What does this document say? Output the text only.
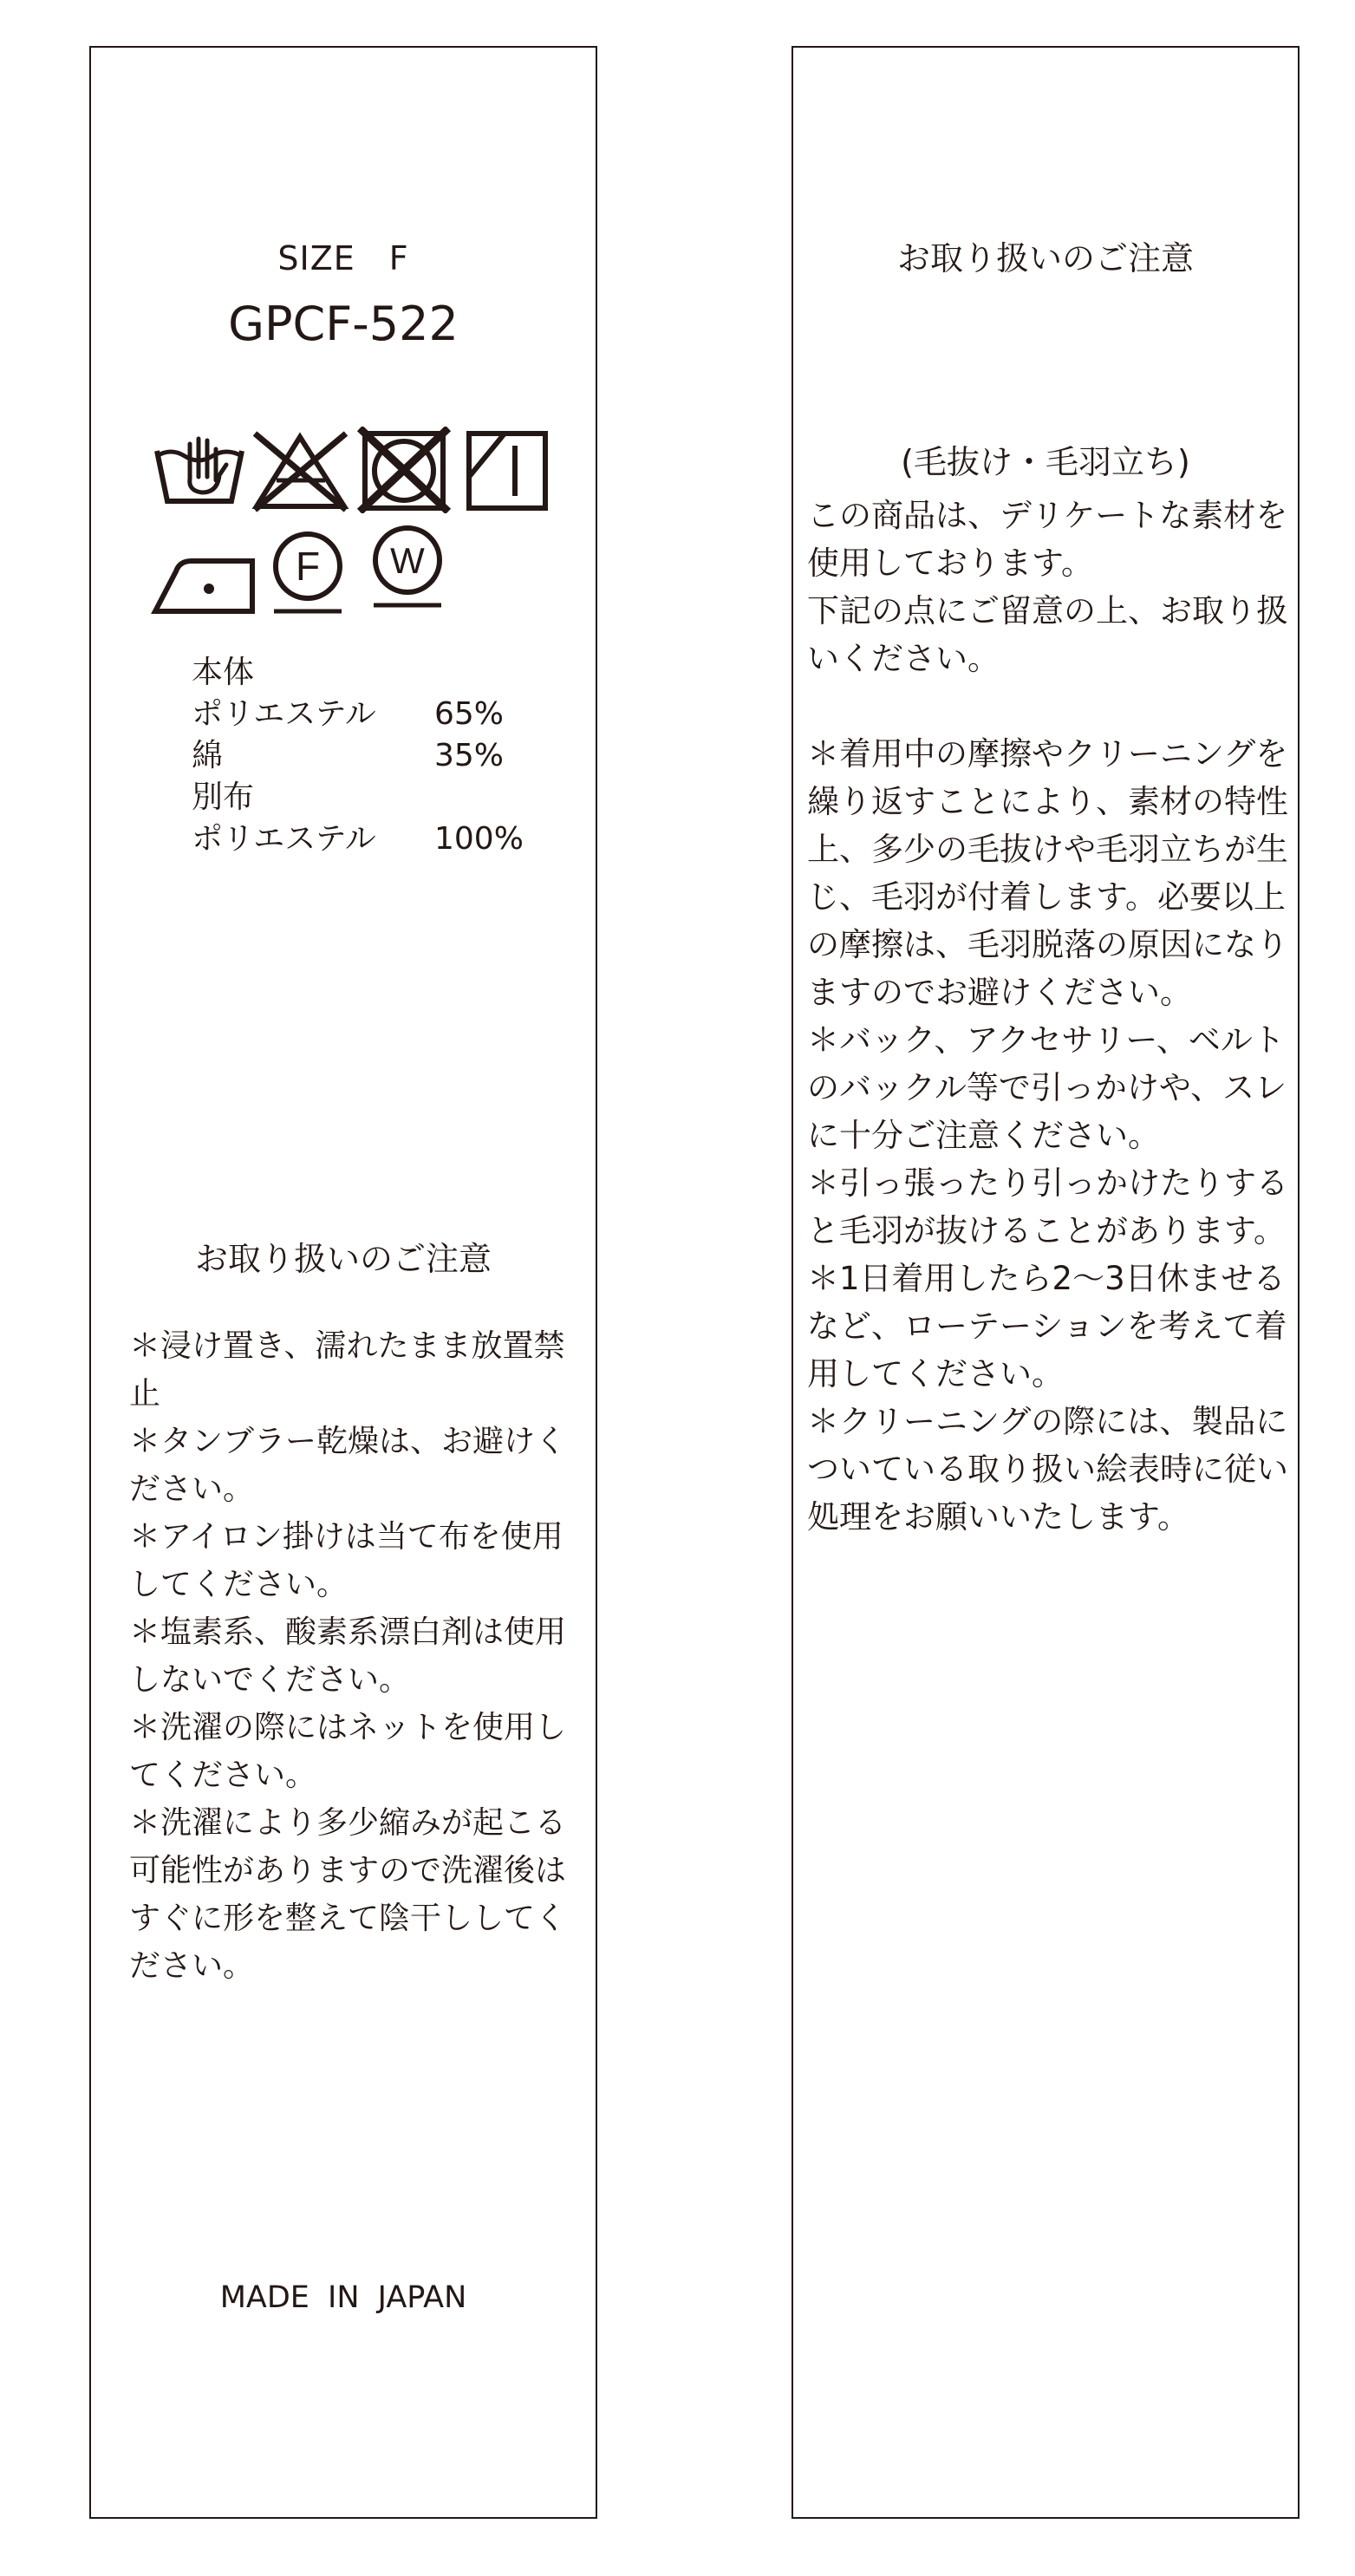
SIZE　F
GPCF-522
F W
本体
ポリエステル	65%
綿	35%
別布
ポリエステル	100%
お取り扱いのご注意

＊浸け置き、濡れたまま放置禁止

＊タンブラー乾燥は、お避けください。

＊アイロン掛けは当て布を使用してください。

＊塩素系、酸素系漂白剤は使用しないでください。

＊洗濯の際にはネットを使用してください。

＊洗濯により多少縮みが起こる可能性がありますので洗濯後はすぐに形を整えて陰干ししてください。

MADE IN JAPAN
お取り扱いのご注意
(毛抜け・毛羽立ち)

この商品は、デリケートな素材を使用しております。

下記の点にご留意の上、お取り扱いください。

＊着用中の摩擦やクリーニングを繰り返すことにより、素材の特性上、多少の毛抜けや毛羽立ちが生じ、毛羽が付着します。必要以上の摩擦は、毛羽脱落の原因になりますのでお避けください。

＊バック、アクセサリー、ベルトのバックル等で引っかけや、スレに十分ご注意ください。

＊引っ張ったり引っかけたりすると毛羽が抜けることがあります。

＊1日着用したら2～3日休ませるなど、ローテーションを考えて着用してください。

＊クリーニングの際には、製品についている取り扱い絵表時に従い処理をお願いいたします。
